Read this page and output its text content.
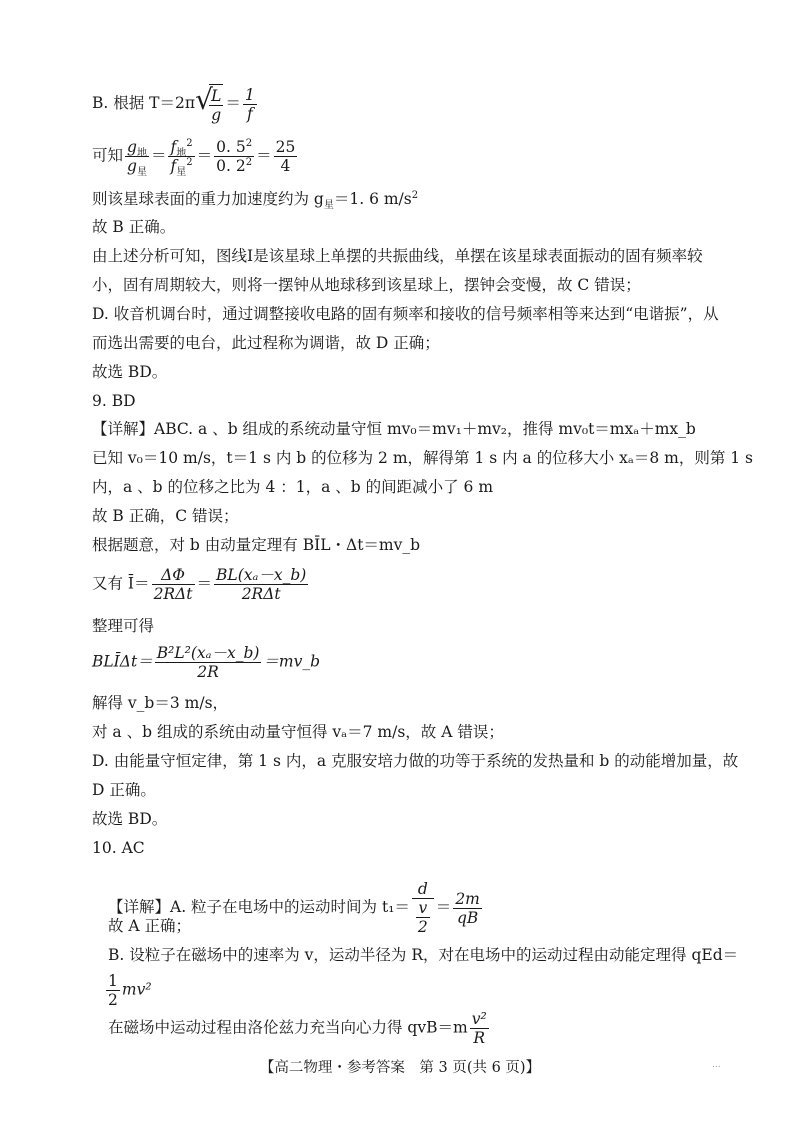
B. 根据 T＝2π
√ $\frac{L}{g} = \frac{1}{f}$
可知 $\frac{g_地}{g_星} = \frac{f_地^2}{f_星^2} = \frac{0. 5^2}{0. 2^2} = \frac{25}{4}$
则该星球表面的重力加速度约为 $g_星=1$. 6 $m/s^2$
故 B 正确。
由上述分析可知，图线Ⅰ是该星球上单摆的共振曲线，单摆在该星球表面振动的固有频率较
小，固有周期较大，则将一摆钟从地球移到该星球上，摆钟会变慢，故 C 错误；
D. 收音机调台时，通过调整接收电路的固有频率和接收的信号频率相等来达到“电谐振”，从
而选出需要的电台，此过程称为调谐，故 D 正确；
故选 BD。
9. BD
【详解】ABC. a 、b 组成的系统动量守恒 mv₀＝mv₁＋mv₂，推得 mv₀t＝mxₐ＋mx_b
已知 v₀＝10 m/s，t＝1 s 内 b 的位移为 2 m，解得第 1 s 内 a 的位移大小 xₐ＝8 m，则第 1 s
内，a 、b 的位移之比为 4 ：1，a 、b 的间距减小了 6 m
故 B 正确，C 错误；
根据题意，对 b 由动量定理有 BĪL・Δt＝mv_b
又有 Ī＝ $\frac{\Delta\Phi}{\text{2RΔt}} = \frac{\text{BL(xₐ－x\_b)}}{\text{2RΔt}}$
整理可得
BLĪΔt＝ $\frac{\text{B²L²(xₐ－x\_b)}}{2R}$ ＝mv_b
解得 v_b＝3 m/s，
对 a 、b 组成的系统由动量守恒得 vₐ＝7 m/s，故 A 错误；
D. 由能量守恒定律，第 1 s 内，a 克服安培力做的功等于系统的发热量和 b 的动能增加量，故
D 正确。
故选 BD。
10. AC
【详解】A. 粒子在电场中的运动时间为 $t_1= \frac{d}{\frac{v}{2}} = \frac{2m}{qB}$
故 A 正确；
B. 设粒子在磁场中的速率为 v，运动半径为 R，对在电场中的运动过程由动能定理得 qEd＝
$\frac{1}{2} mv^2$
在磁场中运动过程由洛伦兹力充当向心力得 $qvB=m \frac{\text{v²}}{R}$
【高二物理・参考答案　第 3 页(共 6 页)】	...
